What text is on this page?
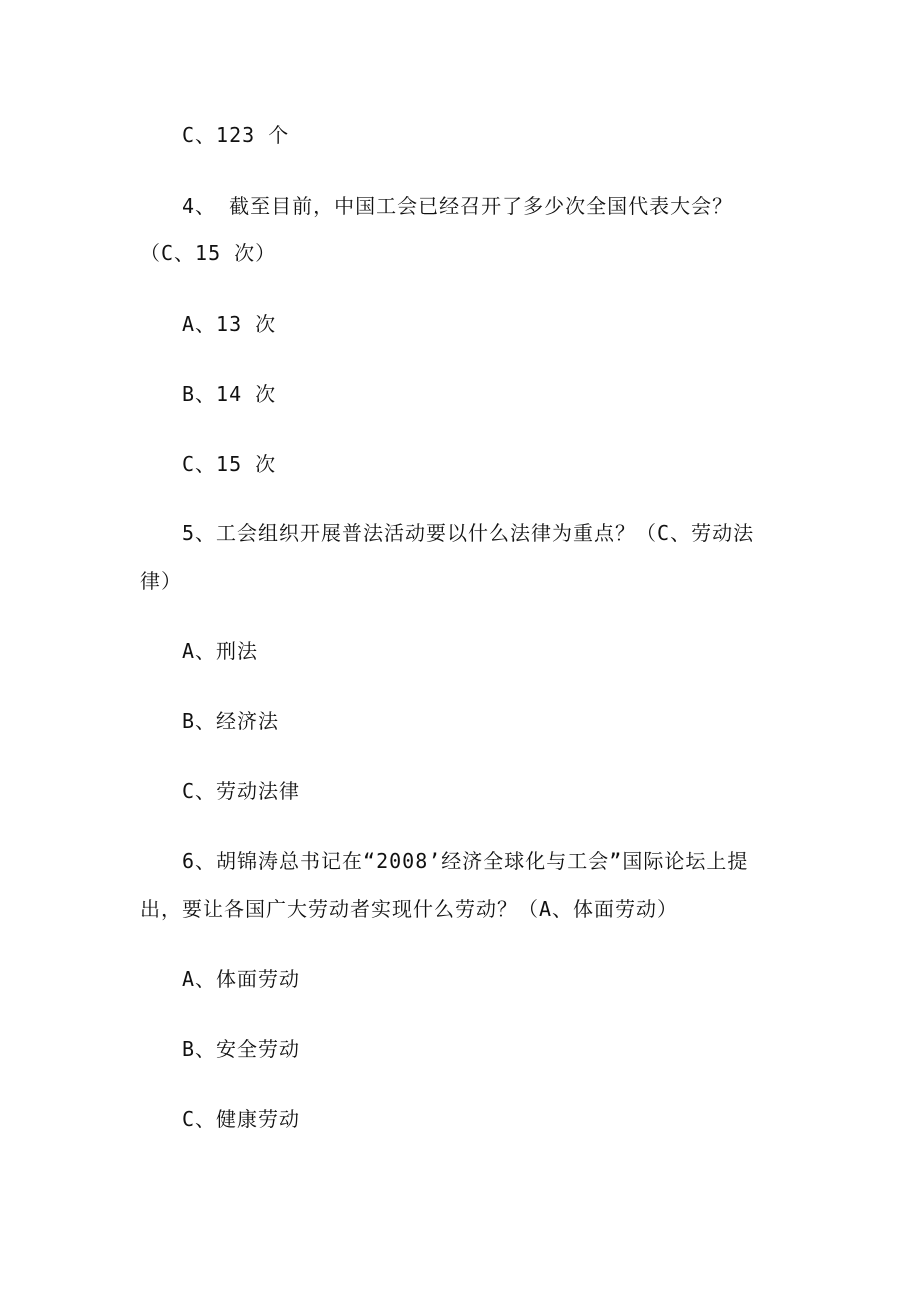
C、123 个
4、 截至目前，中国工会已经召开了多少次全国代表大会？
（C、15 次）
A、13 次
B、14 次
C、15 次
5、工会组织开展普法活动要以什么法律为重点？（C、劳动法
律）
A、刑法
B、经济法
C、劳动法律
6、胡锦涛总书记在“2008’经济全球化与工会”国际论坛上提
出，要让各国广大劳动者实现什么劳动？（A、体面劳动）
A、体面劳动
B、安全劳动
C、健康劳动
